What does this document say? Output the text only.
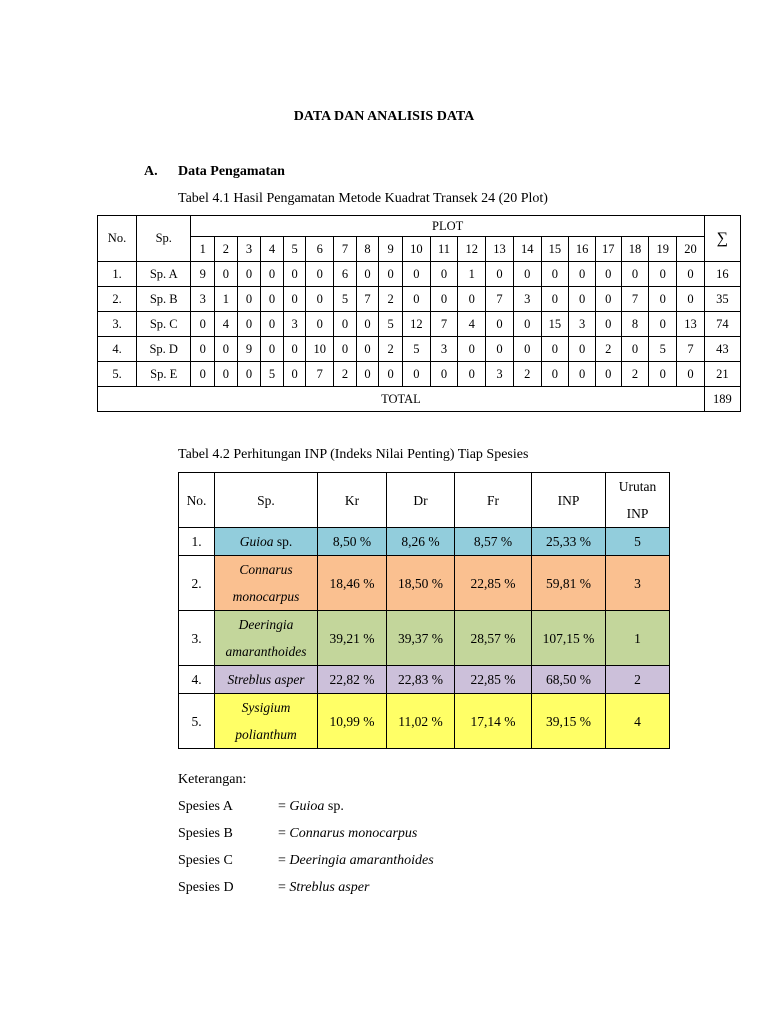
DATA DAN ANALISIS DATA
A. Data Pengamatan
Tabel 4.1 Hasil Pengamatan Metode Kuadrat Transek 24 (20 Plot)
No.	Sp.	PLOT																				∑
		1	2	3	4	5	6	7	8	9	10	11	12	13	14	15	16	17	18	19	20	
1.	Sp. A	9	0	0	0	0	0	6	0	0	0	0	1	0	0	0	0	0	0	0	0	16
2.	Sp. B	3	1	0	0	0	0	5	7	2	0	0	0	7	3	0	0	0	7	0	0	35
3.	Sp. C	0	4	0	0	3	0	0	0	5	12	7	4	0	0	15	3	0	8	0	13	74
4.	Sp. D	0	0	9	0	0	10	0	0	2	5	3	0	0	0	0	0	2	0	5	7	43
5.	Sp. E	0	0	0	5	0	7	2	0	0	0	0	0	3	2	0	0	0	2	0	0	21
TOTAL																						189
Tabel 4.2 Perhitungan INP (Indeks Nilai Penting) Tiap Spesies
No.	Sp.	Kr	Dr	Fr	INP	Urutan
INP

1.	Guioa sp.	8,50 %	8,26 %	8,57 %	25,33 %	5
2.	Connarus
monocarpus	18,46 %	18,50 %	22,85 %	59,81 %	3
3.	Deeringia
amaranthoides	39,21 %	39,37 %	28,57 %	107,15 %	1
4.	Streblus asper	22,82 %	22,83 %	22,85 %	68,50 %	2
5.	Sysigium
polianthum	10,99 %	11,02 %	17,14 %	39,15 %	4
Keterangan:
Spesies A	= Guioa sp.
Spesies B	= Connarus monocarpus
Spesies C	= Deeringia amaranthoides
Spesies D	= Streblus asper
